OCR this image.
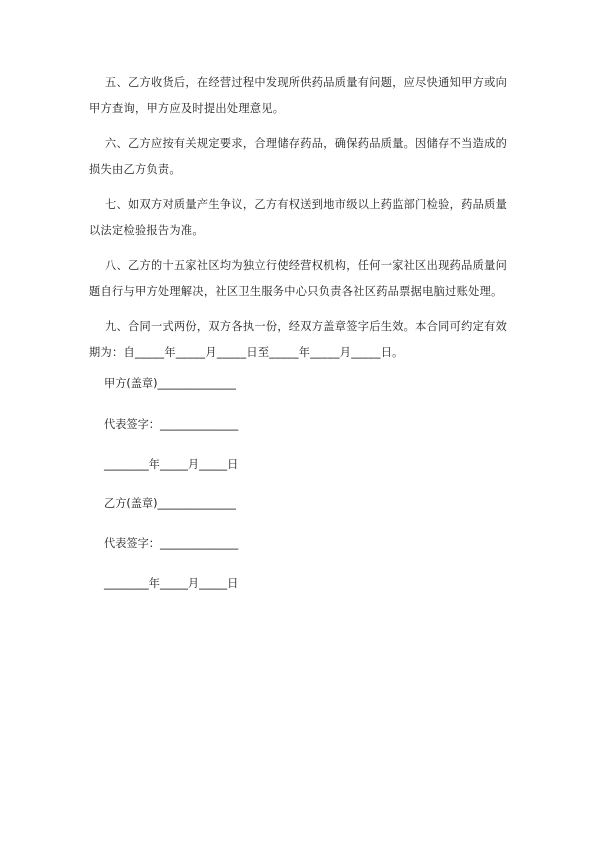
五、乙方收货后，在经营过程中发现所供药品质量有问题，应尽快通知甲方或向
甲方查询，甲方应及时提出处理意见。

六、乙方应按有关规定要求，合理储存药品，确保药品质量。因储存不当造成的
损失由乙方负责。

七、如双方对质量产生争议，乙方有权送到地市级以上药监部门检验，药品质量
以法定检验报告为准。

八、乙方的十五家社区均为独立行使经营权机构，任何一家社区出现药品质量问
题自行与甲方处理解决，社区卫生服务中心只负责各社区药品票据电脑过账处理。

九、合同一式两份，双方各执一份，经双方盖章签字后生效。本合同可约定有效
期为：自_____年_____月_____日至_____年_____月_____日。

甲方(盖章)______________

代表签字：______________

________年_____月_____日

乙方(盖章)______________

代表签字：______________

________年_____月_____日
